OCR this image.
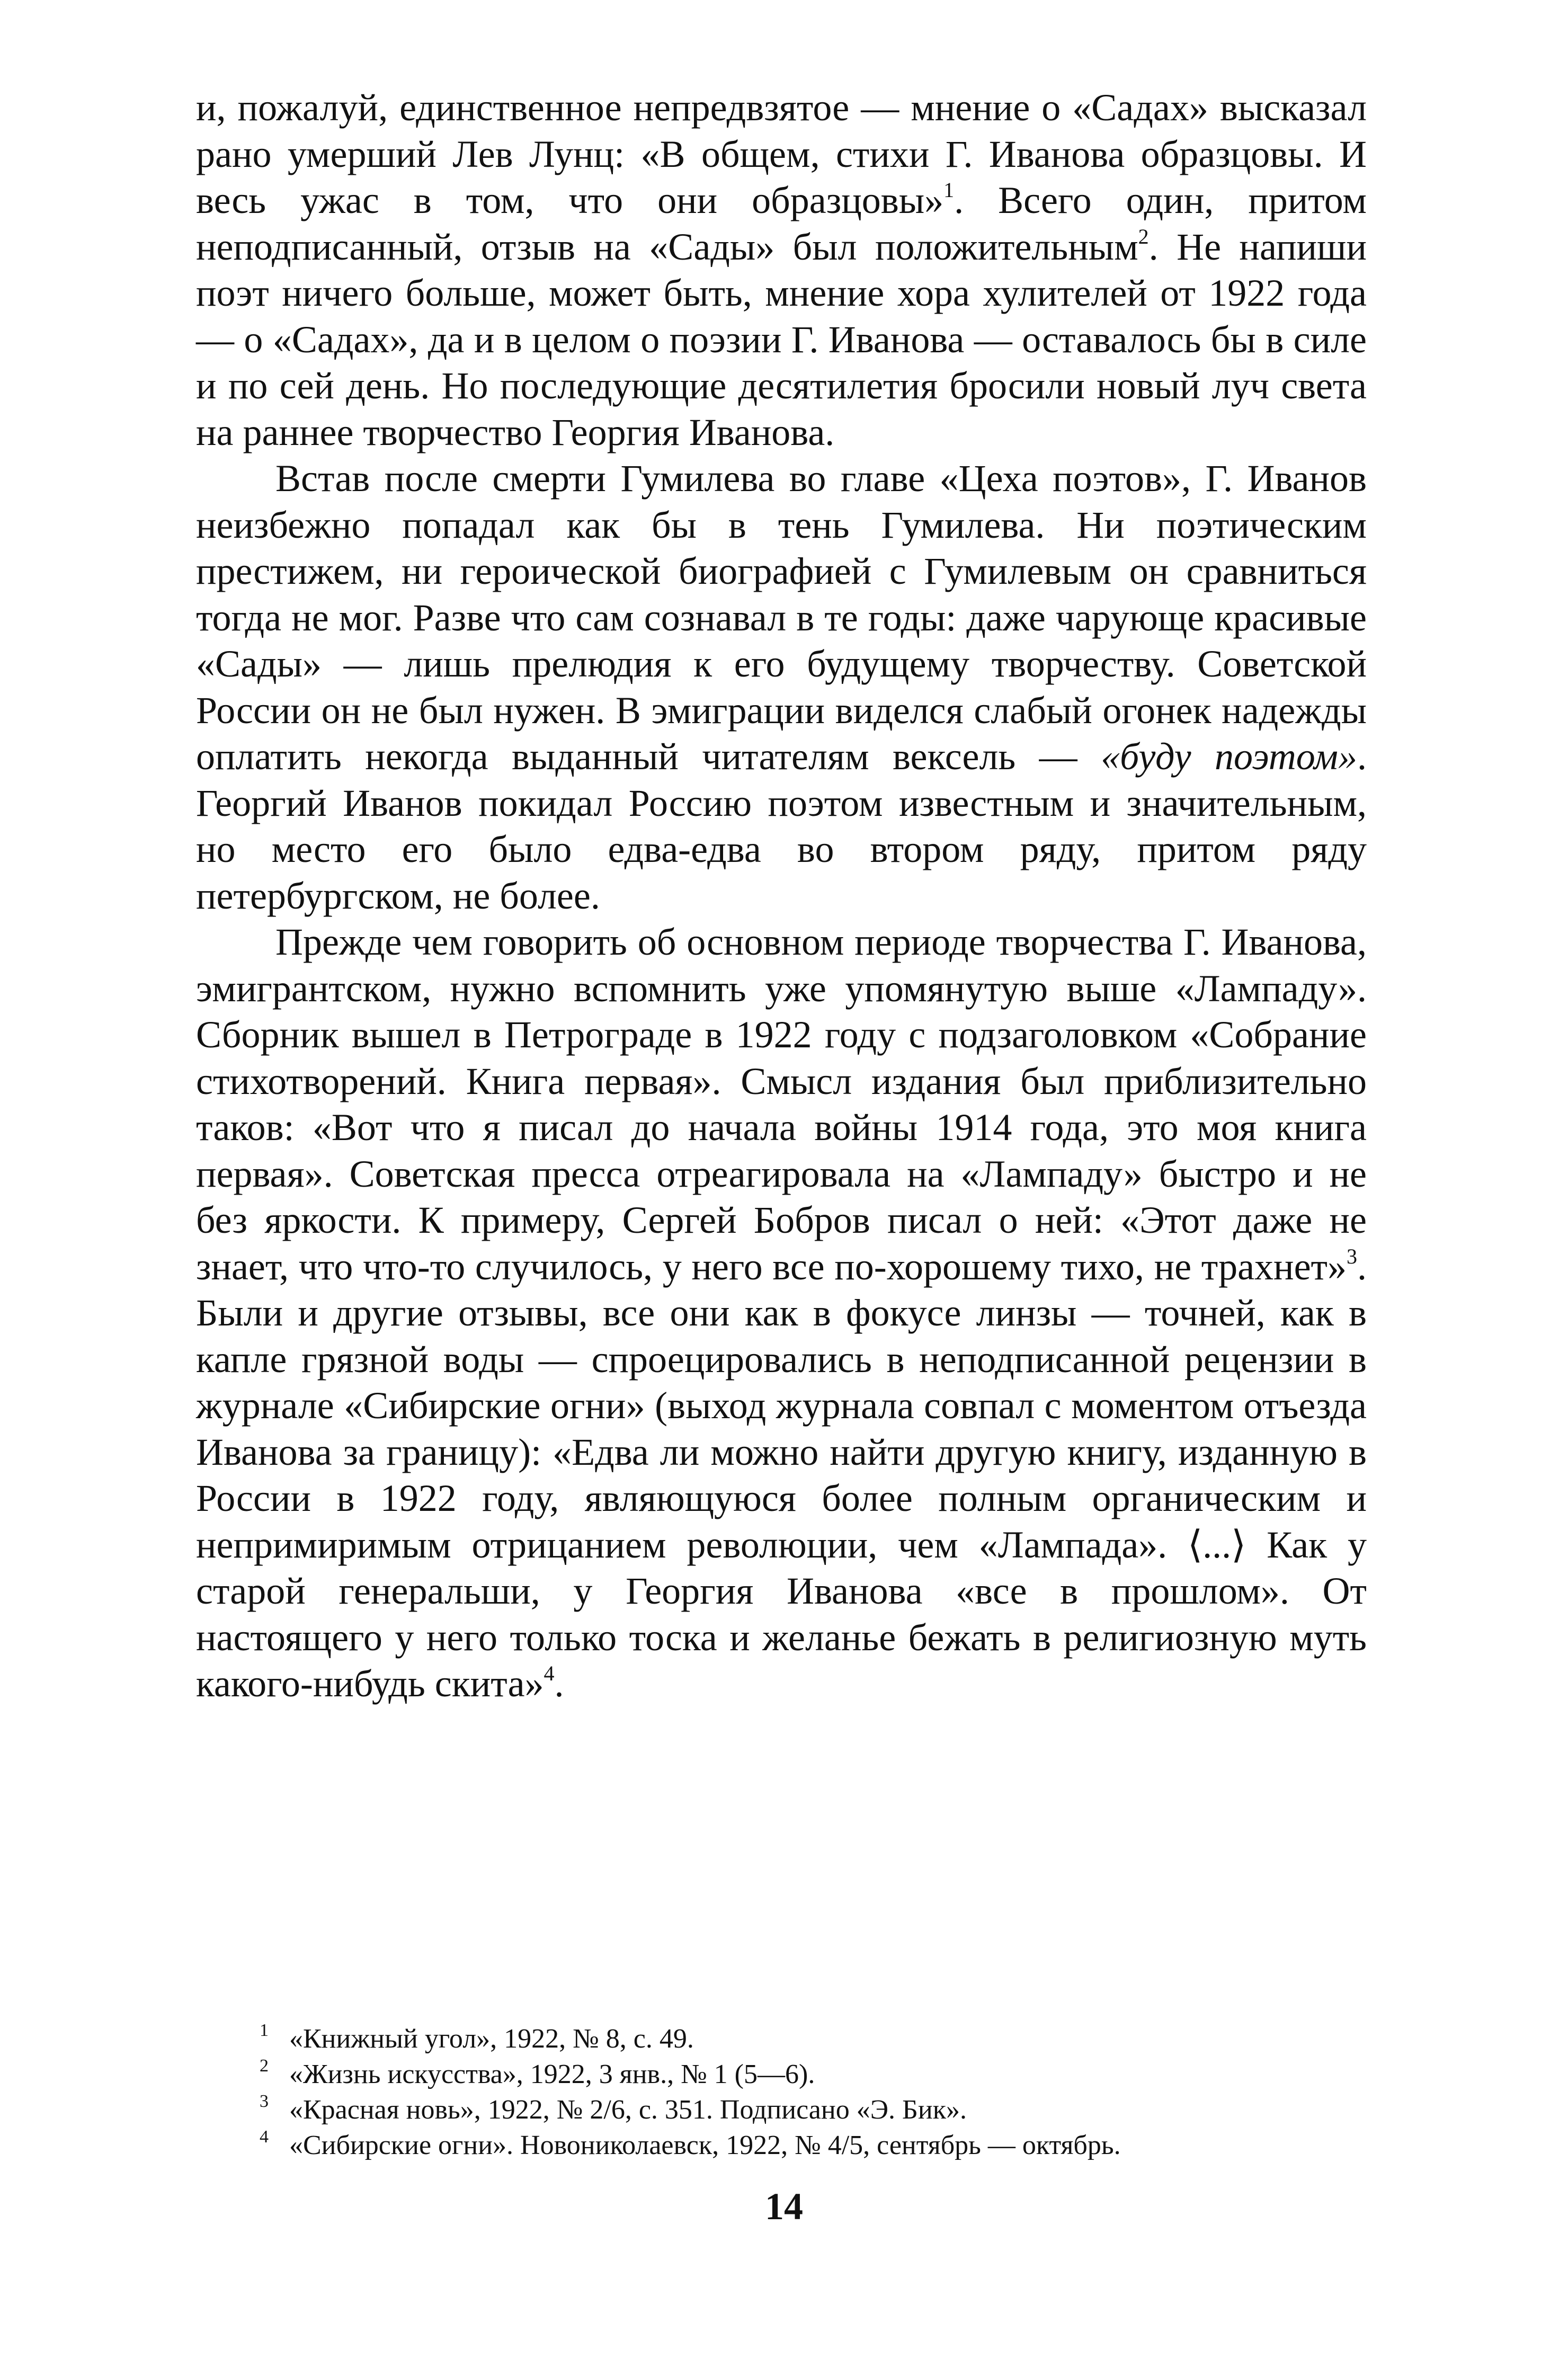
и, пожалуй, единственное непредвзятое — мнение о «Садах» высказал рано умерший Лев Лунц: «В общем, стихи Г. Иванова образцовы. И весь ужас в том, что они образцовы»$^1$. Всего один, притом неподписанный, отзыв на «Сады» был положительным$^2$. Не напиши поэт ничего больше, может быть, мнение хора хулителей от 1922 года — о «Садах», да и в целом о поэзии Г. Иванова — оставалось бы в силе и по сей день. Но последующие десятилетия бросили новый луч света на раннее творчество Георгия Иванова.

Встав после смерти Гумилева во главе «Цеха поэтов», Г. Иванов неизбежно попадал как бы в тень Гумилева. Ни поэтическим престижем, ни героической биографией с Гумилевым он сравниться тогда не мог. Разве что сам сознавал в те годы: даже чарующе красивые «Сады» — лишь прелюдия к его будущему творчеству. Советской России он не был нужен. В эмиграции виделся слабый огонек надежды оплатить некогда выданный читателям вексель — «буду поэтом». Георгий Иванов покидал Россию поэтом известным и значительным, но место его было едва-едва во втором ряду, притом ряду петербургском, не более.

Прежде чем говорить об основном периоде творчества Г. Иванова, эмигрантском, нужно вспомнить уже упомянутую выше «Лампаду». Сборник вышел в Петрограде в 1922 году с подзаголовком «Собрание стихотворений. Книга первая». Смысл издания был приблизительно таков: «Вот что я писал до начала войны 1914 года, это моя книга первая». Советская пресса отреагировала на «Лампаду» быстро и не без яркости. К примеру, Сергей Бобров писал о ней: «Этот даже не знает, что что-то случилось, у него все по-хорошему тихо, не трахнет»$^3$. Были и другие отзывы, все они как в фокусе линзы — точней, как в капле грязной воды — спроецировались в неподписанной рецензии в журнале «Сибирские огни» (выход журнала совпал с моментом отъезда Иванова за границу): «Едва ли можно найти другую книгу, изданную в России в 1922 году, являющуюся более полным органическим и непримиримым отрицанием революции, чем «Лампада». ⟨...⟩ Как у старой генеральши, у Георгия Иванова «все в прошлом». От настоящего у него только тоска и желанье бежать в религиозную муть какого-нибудь скита»$^4$.

1 «Книжный угол», 1922, № 8, с. 49.
2 «Жизнь искусства», 1922, 3 янв., № 1 (5—6).
3 «Красная новь», 1922, № 2/6, с. 351. Подписано «Э. Бик».
4 «Сибирские огни». Новониколаевск, 1922, № 4/5, сентябрь — октябрь.
14
